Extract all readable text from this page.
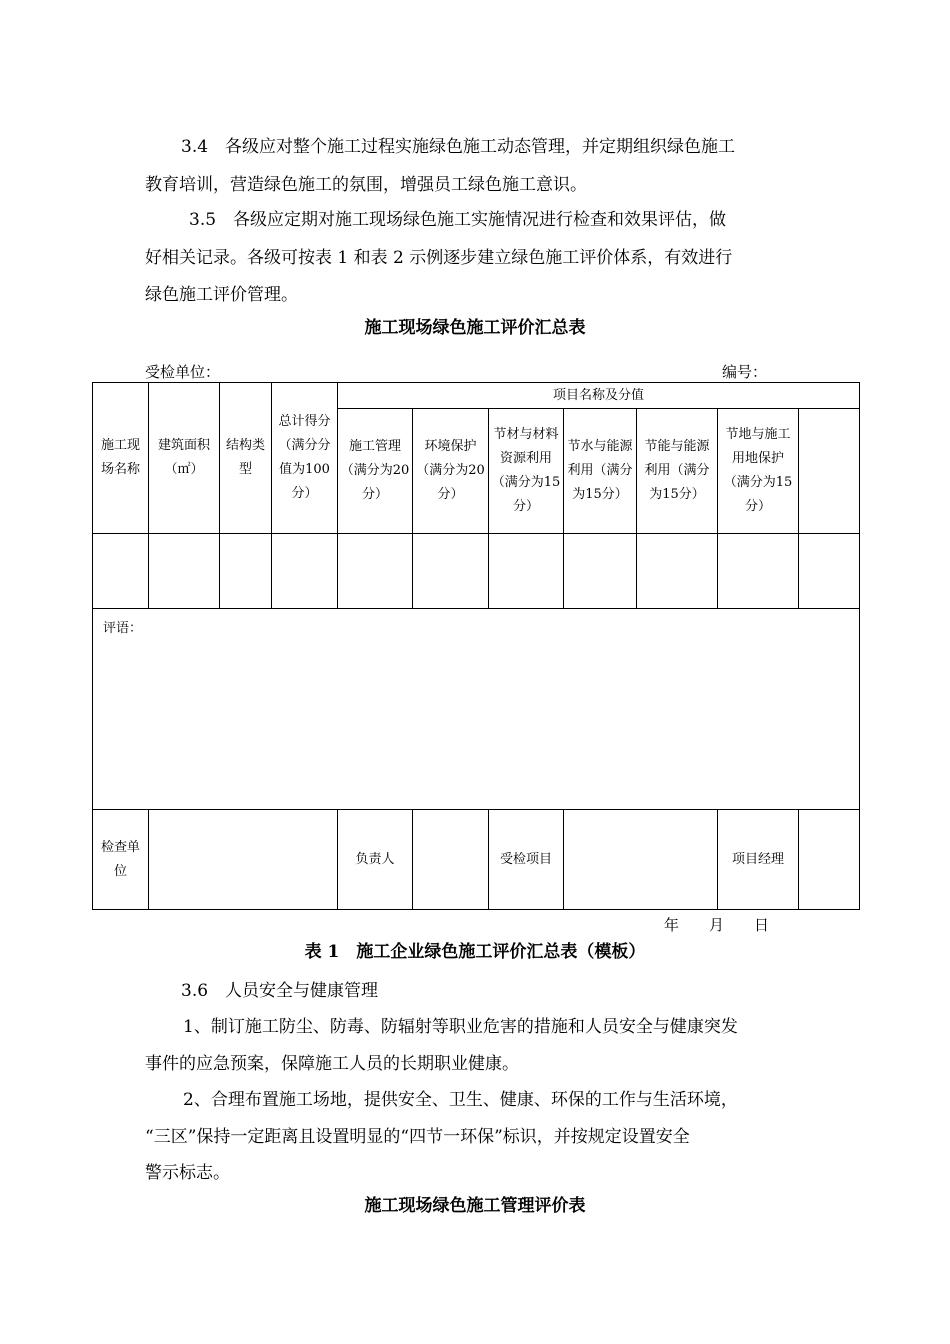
3.4　各级应对整个施工过程实施绿色施工动态管理，并定期组织绿色施工

教育培训，营造绿色施工的氛围，增强员工绿色施工意识。

3.5　各级应定期对施工现场绿色施工实施情况进行检查和效果评估，做

好相关记录。各级可按表 1 和表 2 示例逐步建立绿色施工评价体系，有效进行

绿色施工评价管理。

施工现场绿色施工评价汇总表

受检单位：	编号：
施工现场名称	建筑面积（㎡）	结构类型	总计得分（满分分值为100分）	项目名称及分值						
				施工管理（满分为20分）	环境保护（满分为20分）	节材与材料资源利用（满分为15分）	节水与能源利用（满分为15分）	节能与能源利用（满分为15分）	节地与施工用地保护（满分为15分）	

评语：										
检查单位				负责人		受检项目			项目经理	
年　　月　　日

表 1　施工企业绿色施工评价汇总表（模板）

3.6　人员安全与健康管理

1、制订施工防尘、防毒、防辐射等职业危害的措施和人员安全与健康突发

事件的应急预案，保障施工人员的长期职业健康。

2、合理布置施工场地，提供安全、卫生、健康、环保的工作与生活环境，

“三区”保持一定距离且设置明显的“四节一环保”标识，并按规定设置安全

警示标志。

施工现场绿色施工管理评价表
